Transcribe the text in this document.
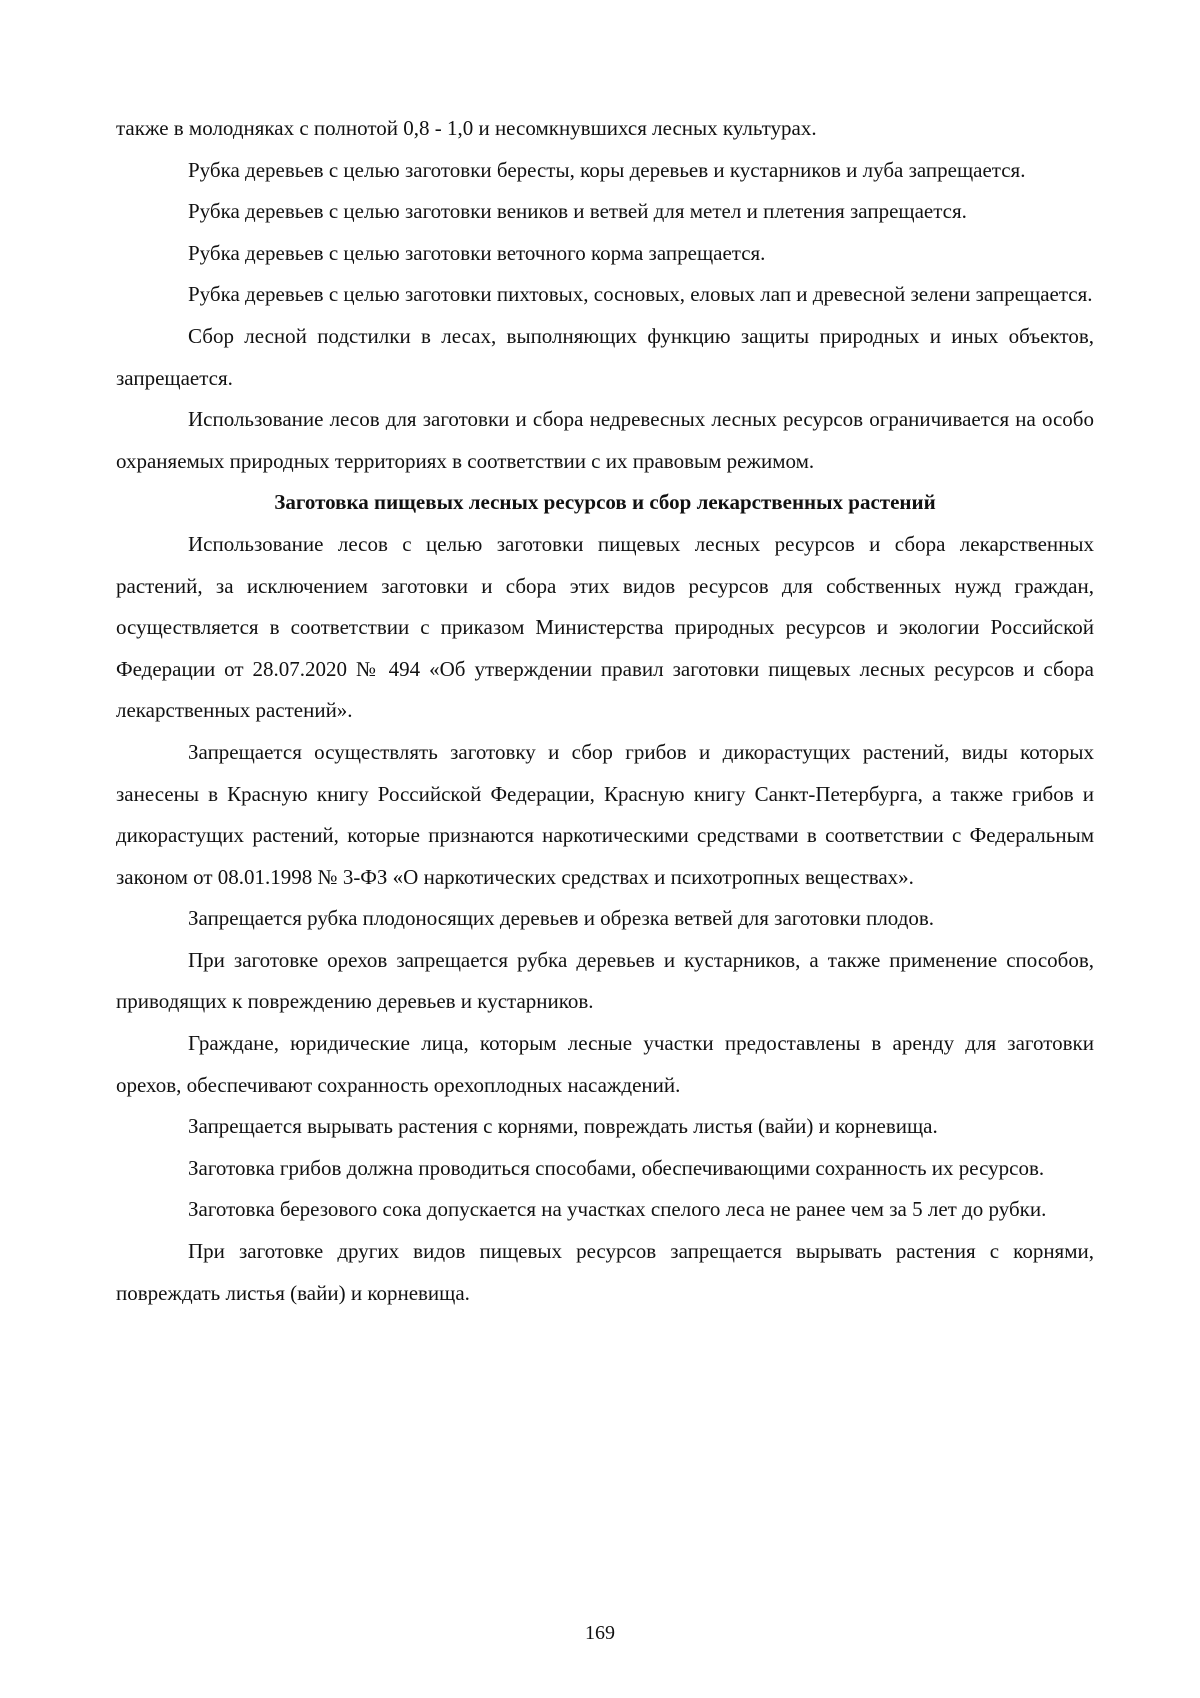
также в молодняках с полнотой 0,8 - 1,0 и несомкнувшихся лесных культурах.

Рубка деревьев с целью заготовки бересты, коры деревьев и кустарников и луба запрещается.

Рубка деревьев с целью заготовки веников и ветвей для метел и плетения запрещается.

Рубка деревьев с целью заготовки веточного корма запрещается.

Рубка деревьев с целью заготовки пихтовых, сосновых, еловых лап и древесной зелени запрещается.

Сбор лесной подстилки в лесах, выполняющих функцию защиты природных и иных объектов, запрещается.

Использование лесов для заготовки и сбора недревесных лесных ресурсов ограничивается на особо охраняемых природных территориях в соответствии с их правовым режимом.

Заготовка пищевых лесных ресурсов и сбор лекарственных растений

Использование лесов с целью заготовки пищевых лесных ресурсов и сбора лекарственных растений, за исключением заготовки и сбора этих видов ресурсов для собственных нужд граждан, осуществляется в соответствии с приказом Министерства природных ресурсов и экологии Российской Федерации от 28.07.2020 № 494 «Об утверждении правил заготовки пищевых лесных ресурсов и сбора лекарственных растений».

Запрещается осуществлять заготовку и сбор грибов и дикорастущих растений, виды которых занесены в Красную книгу Российской Федерации, Красную книгу Санкт-Петербурга, а также грибов и дикорастущих растений, которые признаются наркотическими средствами в соответствии с Федеральным законом от 08.01.1998 № 3-ФЗ «О наркотических средствах и психотропных веществах».

Запрещается рубка плодоносящих деревьев и обрезка ветвей для заготовки плодов.

При заготовке орехов запрещается рубка деревьев и кустарников, а также применение способов, приводящих к повреждению деревьев и кустарников.

Граждане, юридические лица, которым лесные участки предоставлены в аренду для заготовки орехов, обеспечивают сохранность орехоплодных насаждений.

Запрещается вырывать растения с корнями, повреждать листья (вайи) и корневища.

Заготовка грибов должна проводиться способами, обеспечивающими сохранность их ресурсов.

Заготовка березового сока допускается на участках спелого леса не ранее чем за 5 лет до рубки.

При заготовке других видов пищевых ресурсов запрещается вырывать растения с корнями, повреждать листья (вайи) и корневища.

169
